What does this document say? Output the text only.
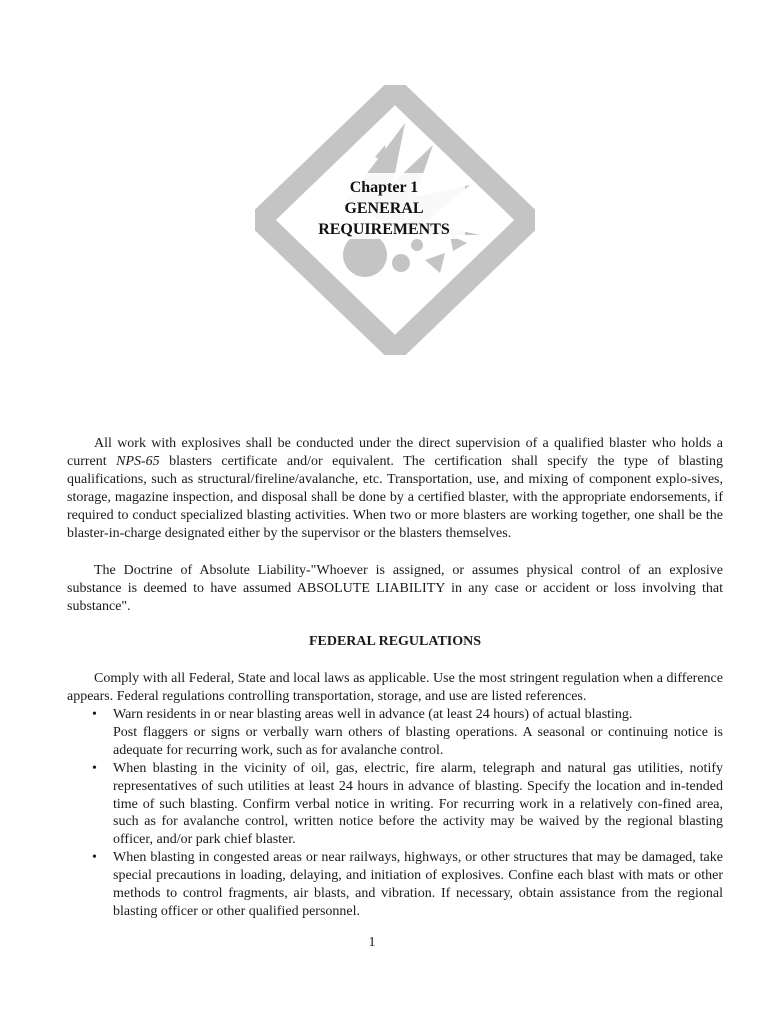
Chapter 1
GENERAL
REQUIREMENTS

All work with explosives shall be conducted under the direct supervision of a qualified blaster who holds a current NPS-65 blasters certificate and/or equivalent. The certification shall specify the type of blasting qualifications, such as structural/fireline/avalanche, etc. Transportation, use, and mixing of component explo-sives, storage, magazine inspection, and disposal shall be done by a certified blaster, with the appropriate endorsements, if required to conduct specialized blasting activities. When two or more blasters are working together, one shall be the blaster-in-charge designated either by the supervisor or the blasters themselves.

The Doctrine of Absolute Liability-"Whoever is assigned, or assumes physical control of an explosive substance is deemed to have assumed ABSOLUTE LIABILITY in any case or accident or loss involving that substance".

FEDERAL REGULATIONS

Comply with all Federal, State and local laws as applicable. Use the most stringent regulation when a difference appears. Federal regulations controlling transportation, storage, and use are listed references.

• Warn residents in or near blasting areas well in advance (at least 24 hours) of actual blasting.
Post flaggers or signs or verbally warn others of blasting operations. A seasonal or continuing notice is adequate for recurring work, such as for avalanche control.
• When blasting in the vicinity of oil, gas, electric, fire alarm, telegraph and natural gas utilities, notify representatives of such utilities at least 24 hours in advance of blasting. Specify the location and in-tended time of such blasting. Confirm verbal notice in writing. For recurring work in a relatively con-fined area, such as for avalanche control, written notice before the activity may be waived by the regional blasting officer, and/or park chief blaster.
• When blasting in congested areas or near railways, highways, or other structures that may be damaged, take special precautions in loading, delaying, and initiation of explosives. Confine each blast with mats or other methods to control fragments, air blasts, and vibration. If necessary, obtain assistance from the regional blasting officer or other qualified personnel.
1
